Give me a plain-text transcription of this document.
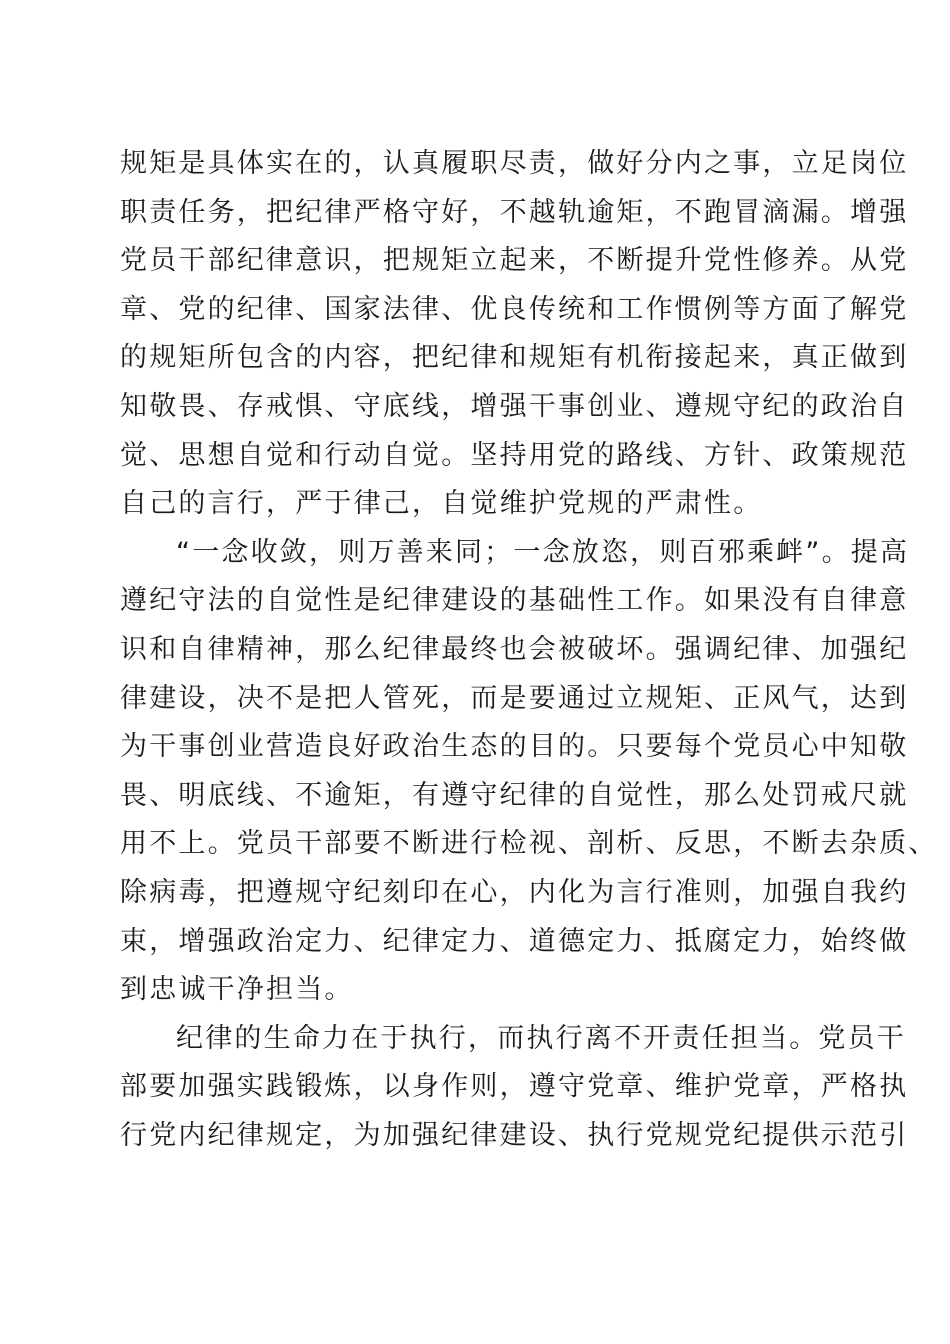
规矩是具体实在的，认真履职尽责，做好分内之事，立足岗位
职责任务，把纪律严格守好，不越轨逾矩，不跑冒滴漏。增强
党员干部纪律意识，把规矩立起来，不断提升党性修养。从党
章、党的纪律、国家法律、优良传统和工作惯例等方面了解党
的规矩所包含的内容，把纪律和规矩有机衔接起来，真正做到
知敬畏、存戒惧、守底线，增强干事创业、遵规守纪的政治自
觉、思想自觉和行动自觉。坚持用党的路线、方针、政策规范
自己的言行，严于律己，自觉维护党规的严肃性。
“一念收敛，则万善来同；一念放恣，则百邪乘衅”。提高
遵纪守法的自觉性是纪律建设的基础性工作。如果没有自律意
识和自律精神，那么纪律最终也会被破坏。强调纪律、加强纪
律建设，决不是把人管死，而是要通过立规矩、正风气，达到
为干事创业营造良好政治生态的目的。只要每个党员心中知敬
畏、明底线、不逾矩，有遵守纪律的自觉性，那么处罚戒尺就
用不上。党员干部要不断进行检视、剖析、反思，不断去杂质、
除病毒，把遵规守纪刻印在心，内化为言行准则，加强自我约
束，增强政治定力、纪律定力、道德定力、抵腐定力，始终做
到忠诚干净担当。
纪律的生命力在于执行，而执行离不开责任担当。党员干
部要加强实践锻炼，以身作则，遵守党章、维护党章，严格执
行党内纪律规定，为加强纪律建设、执行党规党纪提供示范引
